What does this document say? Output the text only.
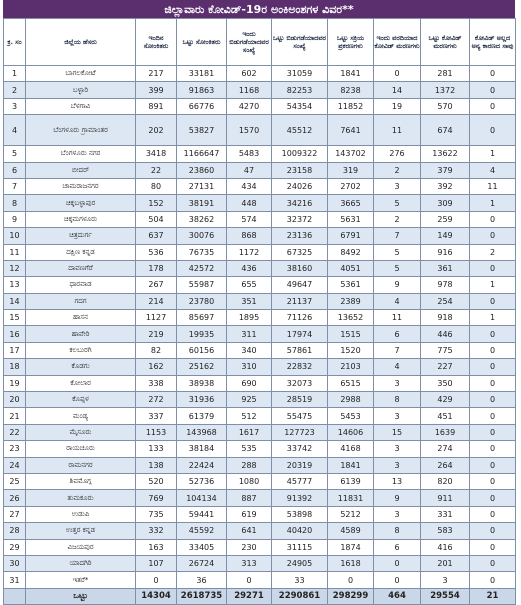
ಜಿಲ್ಲಾವಾರು ಕೋವಿಡ್-19ರ ಅಂಕಿಅಂಶಗಳ ವಿವರ**
ಕ್ರ. ಸಂ	ಜಿಲ್ಲೆಯ ಹೆಸರು	ಇಂದಿನ ಸೋಂಕಿತರು	ಒಟ್ಟು ಸೋಂಕಿತರು	ಇಂದು ಬಿಡುಗಡೆಯಾದವರ ಸಂಖ್ಯೆ	ಒಟ್ಟು ಬಿಡುಗಡೆಯಾದವರ ಸಂಖ್ಯೆ	ಒಟ್ಟು ಸಕ್ರಿಯ ಪ್ರಕರಣಗಳು	ಇಂದು ವರದಿಯಾದ ಕೋವಿಡ್ ಮರಣಗಳು	ಒಟ್ಟು ಕೋವಿಡ್ ಮರಣಗಳು	ಕೋವಿಡ್ ಅಲ್ಲದ ಅನ್ಯ ಕಾರಣದ ಸಾವು
1	ಬಾಗಲಕೋಟೆ	217	33181	602	31059	1841	0	281	0
2	ಬಳ್ಳಾರಿ	399	91863	1168	82253	8238	14	1372	0
3	ಬೆಳಗಾವಿ	891	66776	4270	54354	11852	19	570	0
4	ಬೆಂಗಳೂರು ಗ್ರಾಮಾಂತರ	202	53827	1570	45512	7641	11	674	0
5	ಬೆಂಗಳೂರು ನಗರ	3418	1166647	5483	1009322	143702	276	13622	1
6	ಬೀದರ್	22	23860	47	23158	319	2	379	4
7	ಚಾಮರಾಜನಗರ	80	27131	434	24026	2702	3	392	11
8	ಚಿಕ್ಕಬಳ್ಳಾಪುರ	152	38191	448	34216	3665	5	309	1
9	ಚಿಕ್ಕಮಗಳೂರು	504	38262	574	32372	5631	2	259	0
10	ಚಿತ್ರದುರ್ಗ	637	30076	868	23136	6791	7	149	0
11	ದಕ್ಷಿಣ ಕನ್ನಡ	536	76735	1172	67325	8492	5	916	2
12	ದಾವಣಗೆರೆ	178	42572	436	38160	4051	5	361	0
13	ಧಾರವಾಡ	267	55987	655	49647	5361	9	978	1
14	ಗದಗ	214	23780	351	21137	2389	4	254	0
15	ಹಾಸನ	1127	85697	1895	71126	13652	11	918	1
16	ಹಾವೇರಿ	219	19935	311	17974	1515	6	446	0
17	ಕಲಬುರಗಿ	82	60156	340	57861	1520	7	775	0
18	ಕೊಡಗು	162	25162	310	22832	2103	4	227	0
19	ಕೋಲಾರ	338	38938	690	32073	6515	3	350	0
20	ಕೊಪ್ಪಳ	272	31936	925	28519	2988	8	429	0
21	ಮಂಡ್ಯ	337	61379	512	55475	5453	3	451	0
22	ಮೈಸೂರು	1153	143968	1617	127723	14606	15	1639	0
23	ರಾಯಚೂರು	133	38184	535	33742	4168	3	274	0
24	ರಾಮನಗರ	138	22424	288	20319	1841	3	264	0
25	ಶಿವಮೊಗ್ಗ	520	52736	1080	45777	6139	13	820	0
26	ತುಮಕೂರು	769	104134	887	91392	11831	9	911	0
27	ಉಡುಪಿ	735	59441	619	53898	5212	3	331	0
28	ಉತ್ತರ ಕನ್ನಡ	332	45592	641	40420	4589	8	583	0
29	ವಿಜಯಪುರ	163	33405	230	31115	1874	6	416	0
30	ಯಾದಗಿರಿ	107	26724	313	24905	1618	0	201	0
31	ಇತರೆ*	0	36	0	33	0	0	3	0
	ಒಟ್ಟು	14304	2618735	29271	2290861	298299	464	29554	21
